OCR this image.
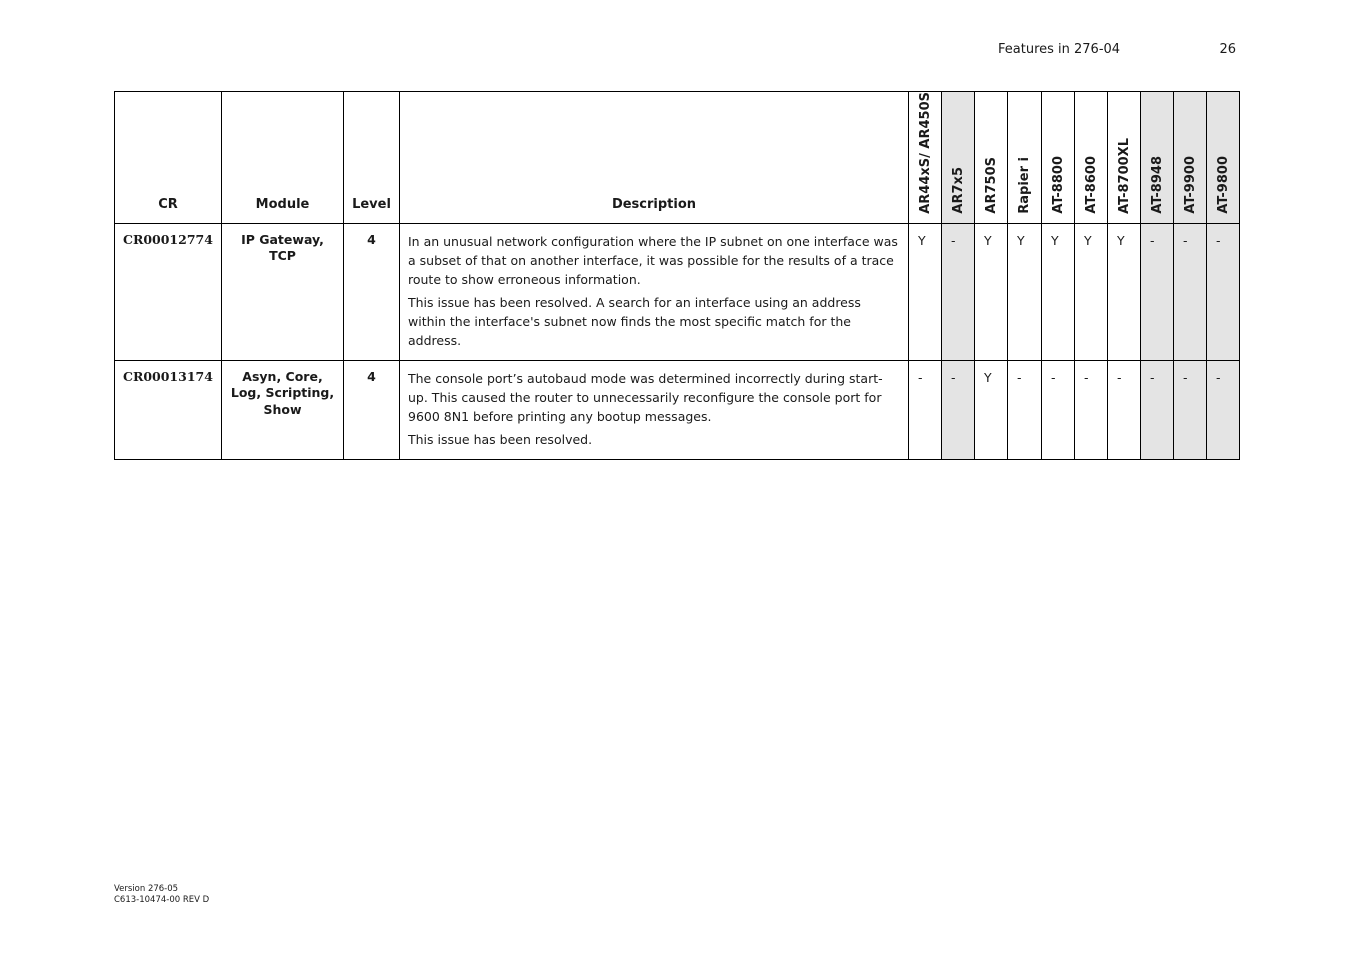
Features in 276-04	26
CR	Module	Level	Description	AR44xS/ AR450S	AR7x5	AR750S	Rapier i	AT-8800	AT-8600	AT-8700XL	AT-8948	AT-9900	AT-9800

CR00012774	IP Gateway, TCP	4	In an unusual network configuration where the IP subnet on one interface was a subset of that on another interface, it was possible for the results of a trace route to show erroneous information.

This issue has been resolved. A search for an interface using an address within the interface's subnet now finds the most specific match for the address.	Y	-	Y	Y	Y	Y	Y	-	-	-
CR00013174	Asyn, Core, Log, Scripting, Show	4	The console port’s autobaud mode was determined incorrectly during start-up. This caused the router to unnecessarily reconfigure the console port for 9600 8N1 before printing any bootup messages.

This issue has been resolved.	-	-	Y	-	-	-	-	-	-	-
Version 276-05
C613-10474-00 REV D
